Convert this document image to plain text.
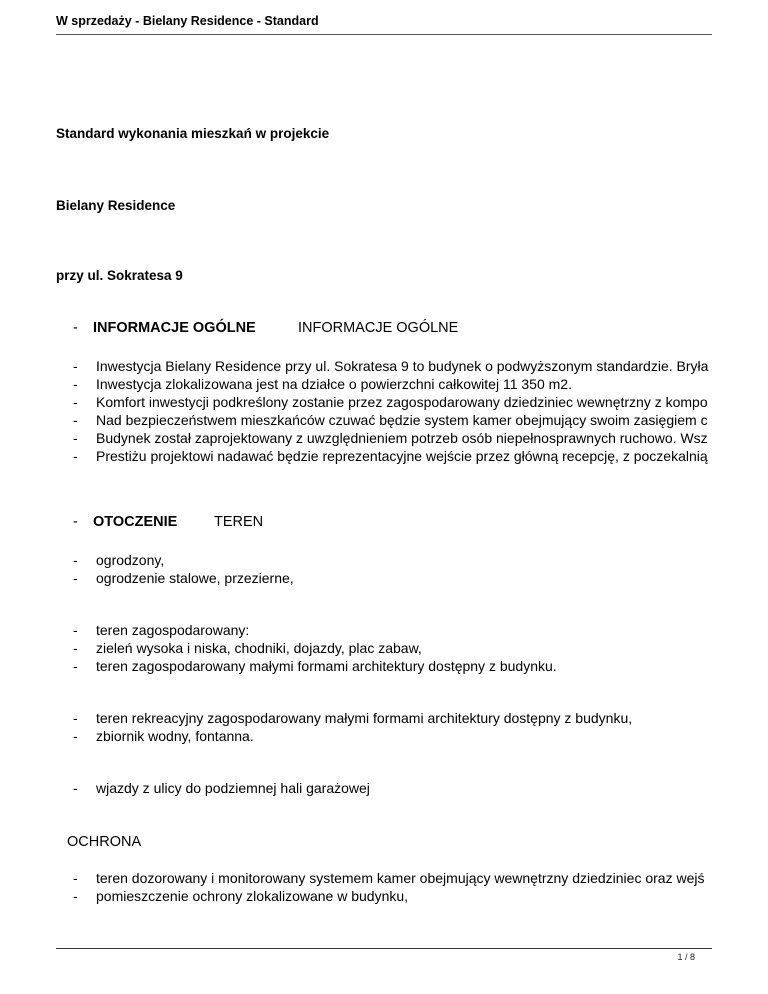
W sprzedaży - Bielany Residence - Standard
Standard wykonania mieszkań w projekcie
Bielany Residence
przy ul. Sokratesa 9
- INFORMACJE OGÓLNE	INFORMACJE OGÓLNE
- Inwestycja Bielany Residence przy ul. Sokratesa 9 to budynek o podwyższonym standardzie. Bryła
- Inwestycja zlokalizowana jest na działce o powierzchni całkowitej 11 350 m2.
- Komfort inwestycji podkreślony zostanie przez zagospodarowany dziedziniec wewnętrzny z kompo
- Nad bezpieczeństwem mieszkańców czuwać będzie system kamer obejmujący swoim zasięgiem c
- Budynek został zaprojektowany z uwzględnieniem potrzeb osób niepełnosprawnych ruchowo. Wsz
- Prestiżu projektowi nadawać będzie reprezentacyjne wejście przez główną recepcję, z poczekalnią
- OTOCZENIE	TEREN
- ogrodzony,
- ogrodzenie stalowe, przezierne,
- teren zagospodarowany:
- zieleń wysoka i niska, chodniki, dojazdy, plac zabaw,
- teren zagospodarowany małymi formami architektury dostępny z budynku.
- teren rekreacyjny zagospodarowany małymi formami architektury dostępny z budynku,
- zbiornik wodny, fontanna.
- wjazdy z ulicy do podziemnej hali garażowej
OCHRONA
- teren dozorowany i monitorowany systemem kamer obejmujący wewnętrzny dziedziniec oraz wejś
- pomieszczenie ochrony zlokalizowane w budynku,
1 / 8
